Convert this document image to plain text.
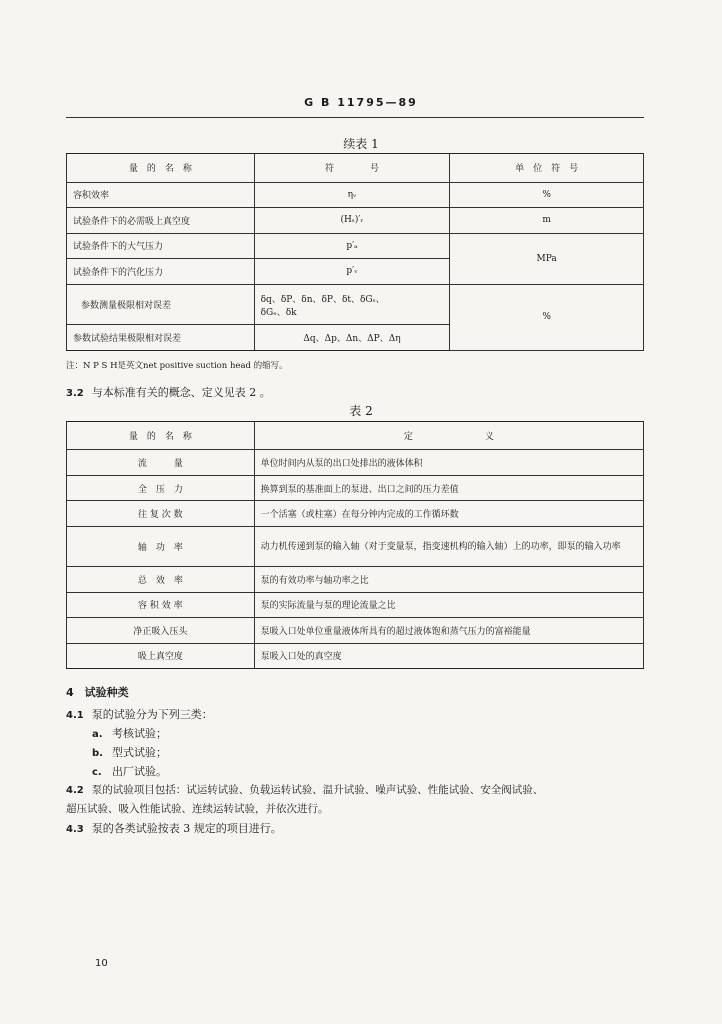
G B 11795—89
续表 1
量　的　名　称	符　　　　号	单　位　符　号
容积效率	ηᵥ	%
试验条件下的必需吸上真空度	(Hₛ)′ᵣ	m
试验条件下的大气压力	p′ₐ	MPa
试验条件下的汽化压力	p′ᵥ	
参数测量极限相对误差	δq、δP、δn、δP、δt、δGₛ、
δGₑ、δk	%
参数试验结果极限相对误差	Δq、Δp、Δn、ΔP、Δη	
注：N P S H是英文net positive suction head 的缩写。
3.2 与本标准有关的概念、定义见表 2 。
表 2
量　的　名　称	定　　　　　　　　义
流　　　量	单位时间内从泵的出口处排出的液体体积
全　压　力	换算到泵的基准面上的泵进、出口之间的压力差值
往 复 次 数	一个活塞（或柱塞）在每分钟内完成的工作循环数
轴　功　率	动力机传递到泵的输入轴（对于变量泵，指变速机构的输入轴）上的功率，即泵的输入功率
总　效　率	泵的有效功率与轴功率之比
容 积 效 率	泵的实际流量与泵的理论流量之比
净正吸入压头	泵吸入口处单位重量液体所具有的超过液体饱和蒸气压力的富裕能量
吸上真空度	泵吸入口处的真空度
4　试验种类
4.1 泵的试验分为下列三类：
a. 考核试验；
b. 型式试验；
c. 出厂试验。
4.2 泵的试验项目包括：试运转试验、负载运转试验、温升试验、噪声试验、性能试验、安全阀试验、
超压试验、吸入性能试验、连续运转试验，并依次进行。
4.3 泵的各类试验按表 3 规定的项目进行。
10
